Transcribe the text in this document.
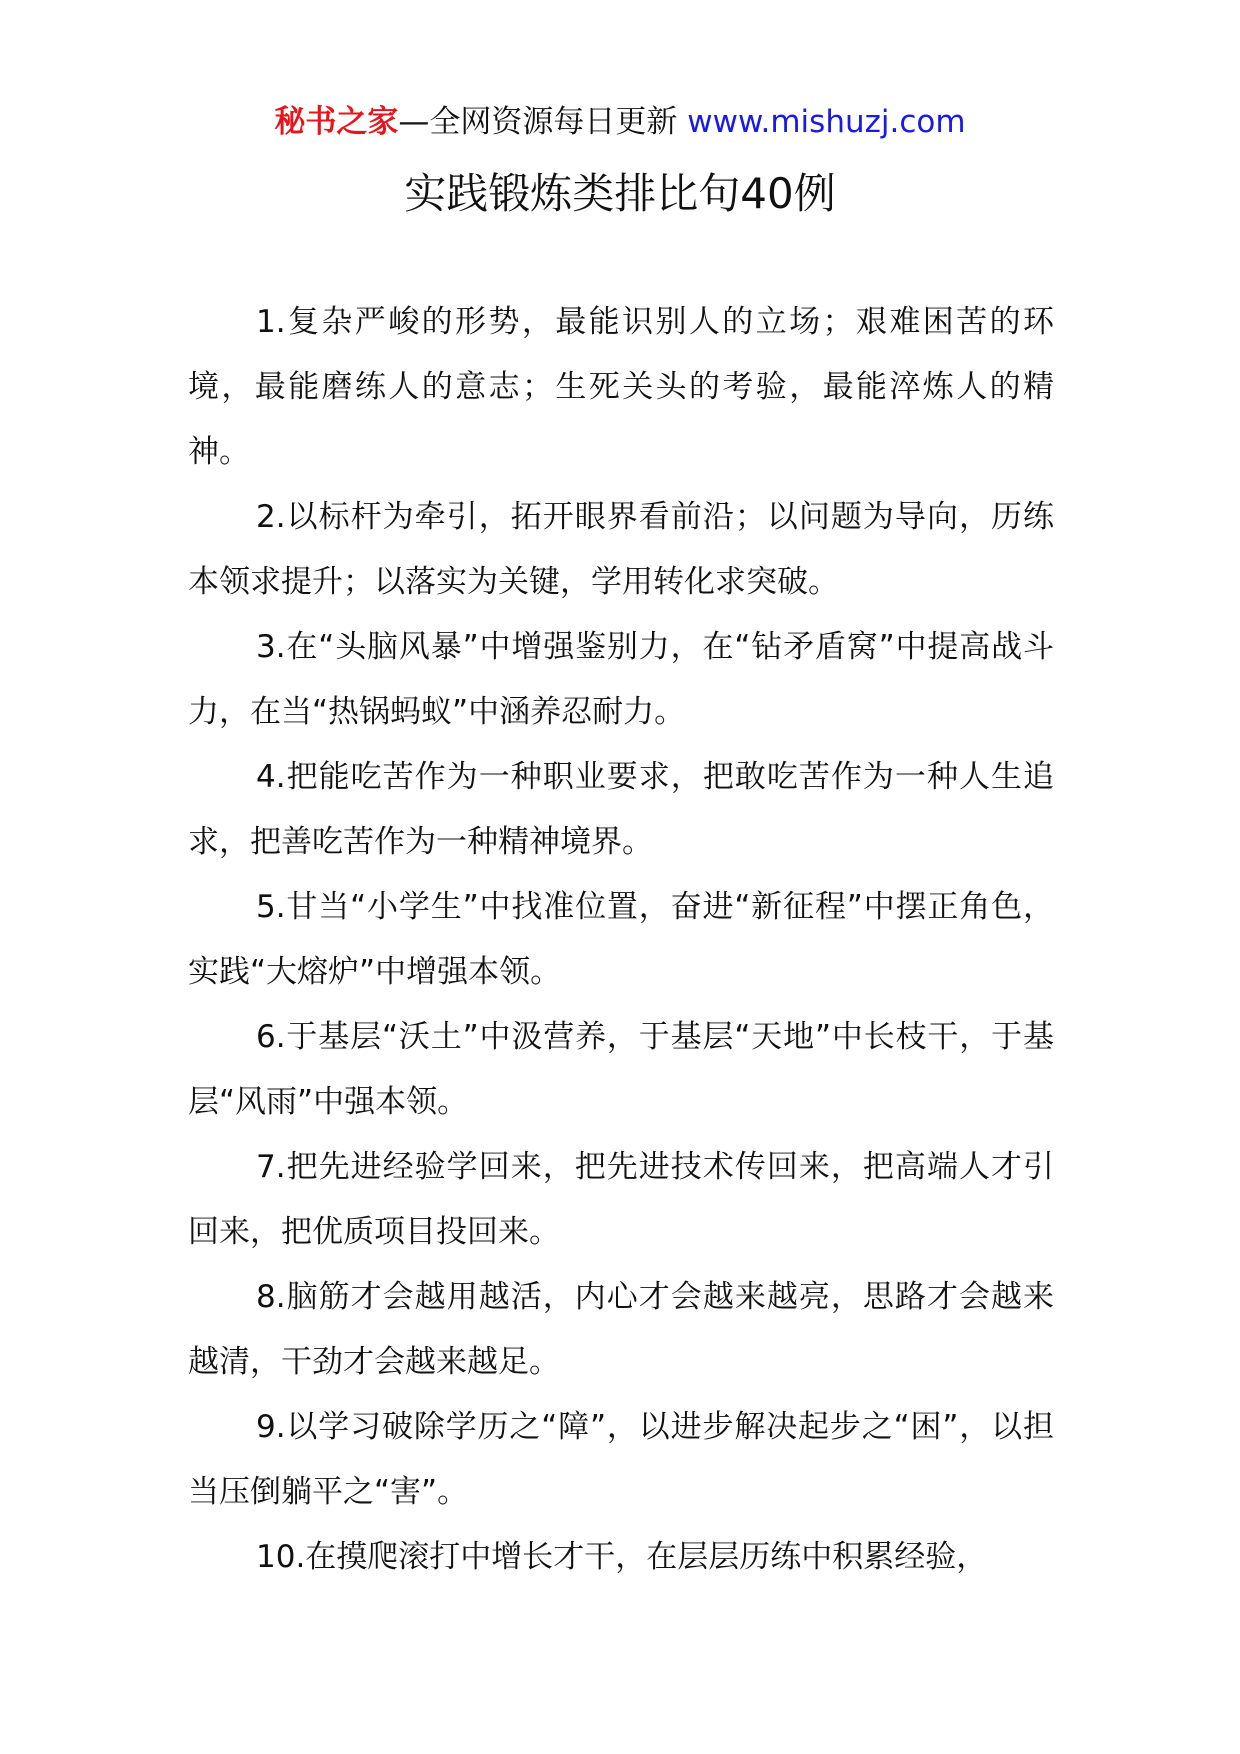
秘书之家—全网资源每日更新 www.mishuzj.com
实践锻炼类排比句40例

1.复杂严峻的形势，最能识别人的立场；艰难困苦的环境，最能磨练人的意志；生死关头的考验，最能淬炼人的精神。

2.以标杆为牵引，拓开眼界看前沿；以问题为导向，历练本领求提升；以落实为关键，学用转化求突破。

3.在“头脑风暴”中增强鉴别力，在“钻矛盾窝”中提高战斗力，在当“热锅蚂蚁”中涵养忍耐力。

4.把能吃苦作为一种职业要求，把敢吃苦作为一种人生追求，把善吃苦作为一种精神境界。

5.甘当“小学生”中找准位置，奋进“新征程”中摆正角色，实践“大熔炉”中增强本领。

6.于基层“沃土”中汲营养，于基层“天地”中长枝干，于基层“风雨”中强本领。

7.把先进经验学回来，把先进技术传回来，把高端人才引回来，把优质项目投回来。

8.脑筋才会越用越活，内心才会越来越亮，思路才会越来越清，干劲才会越来越足。

9.以学习破除学历之“障”，以进步解决起步之“困”，以担当压倒躺平之“害”。

10.在摸爬滚打中增长才干，在层层历练中积累经验，
